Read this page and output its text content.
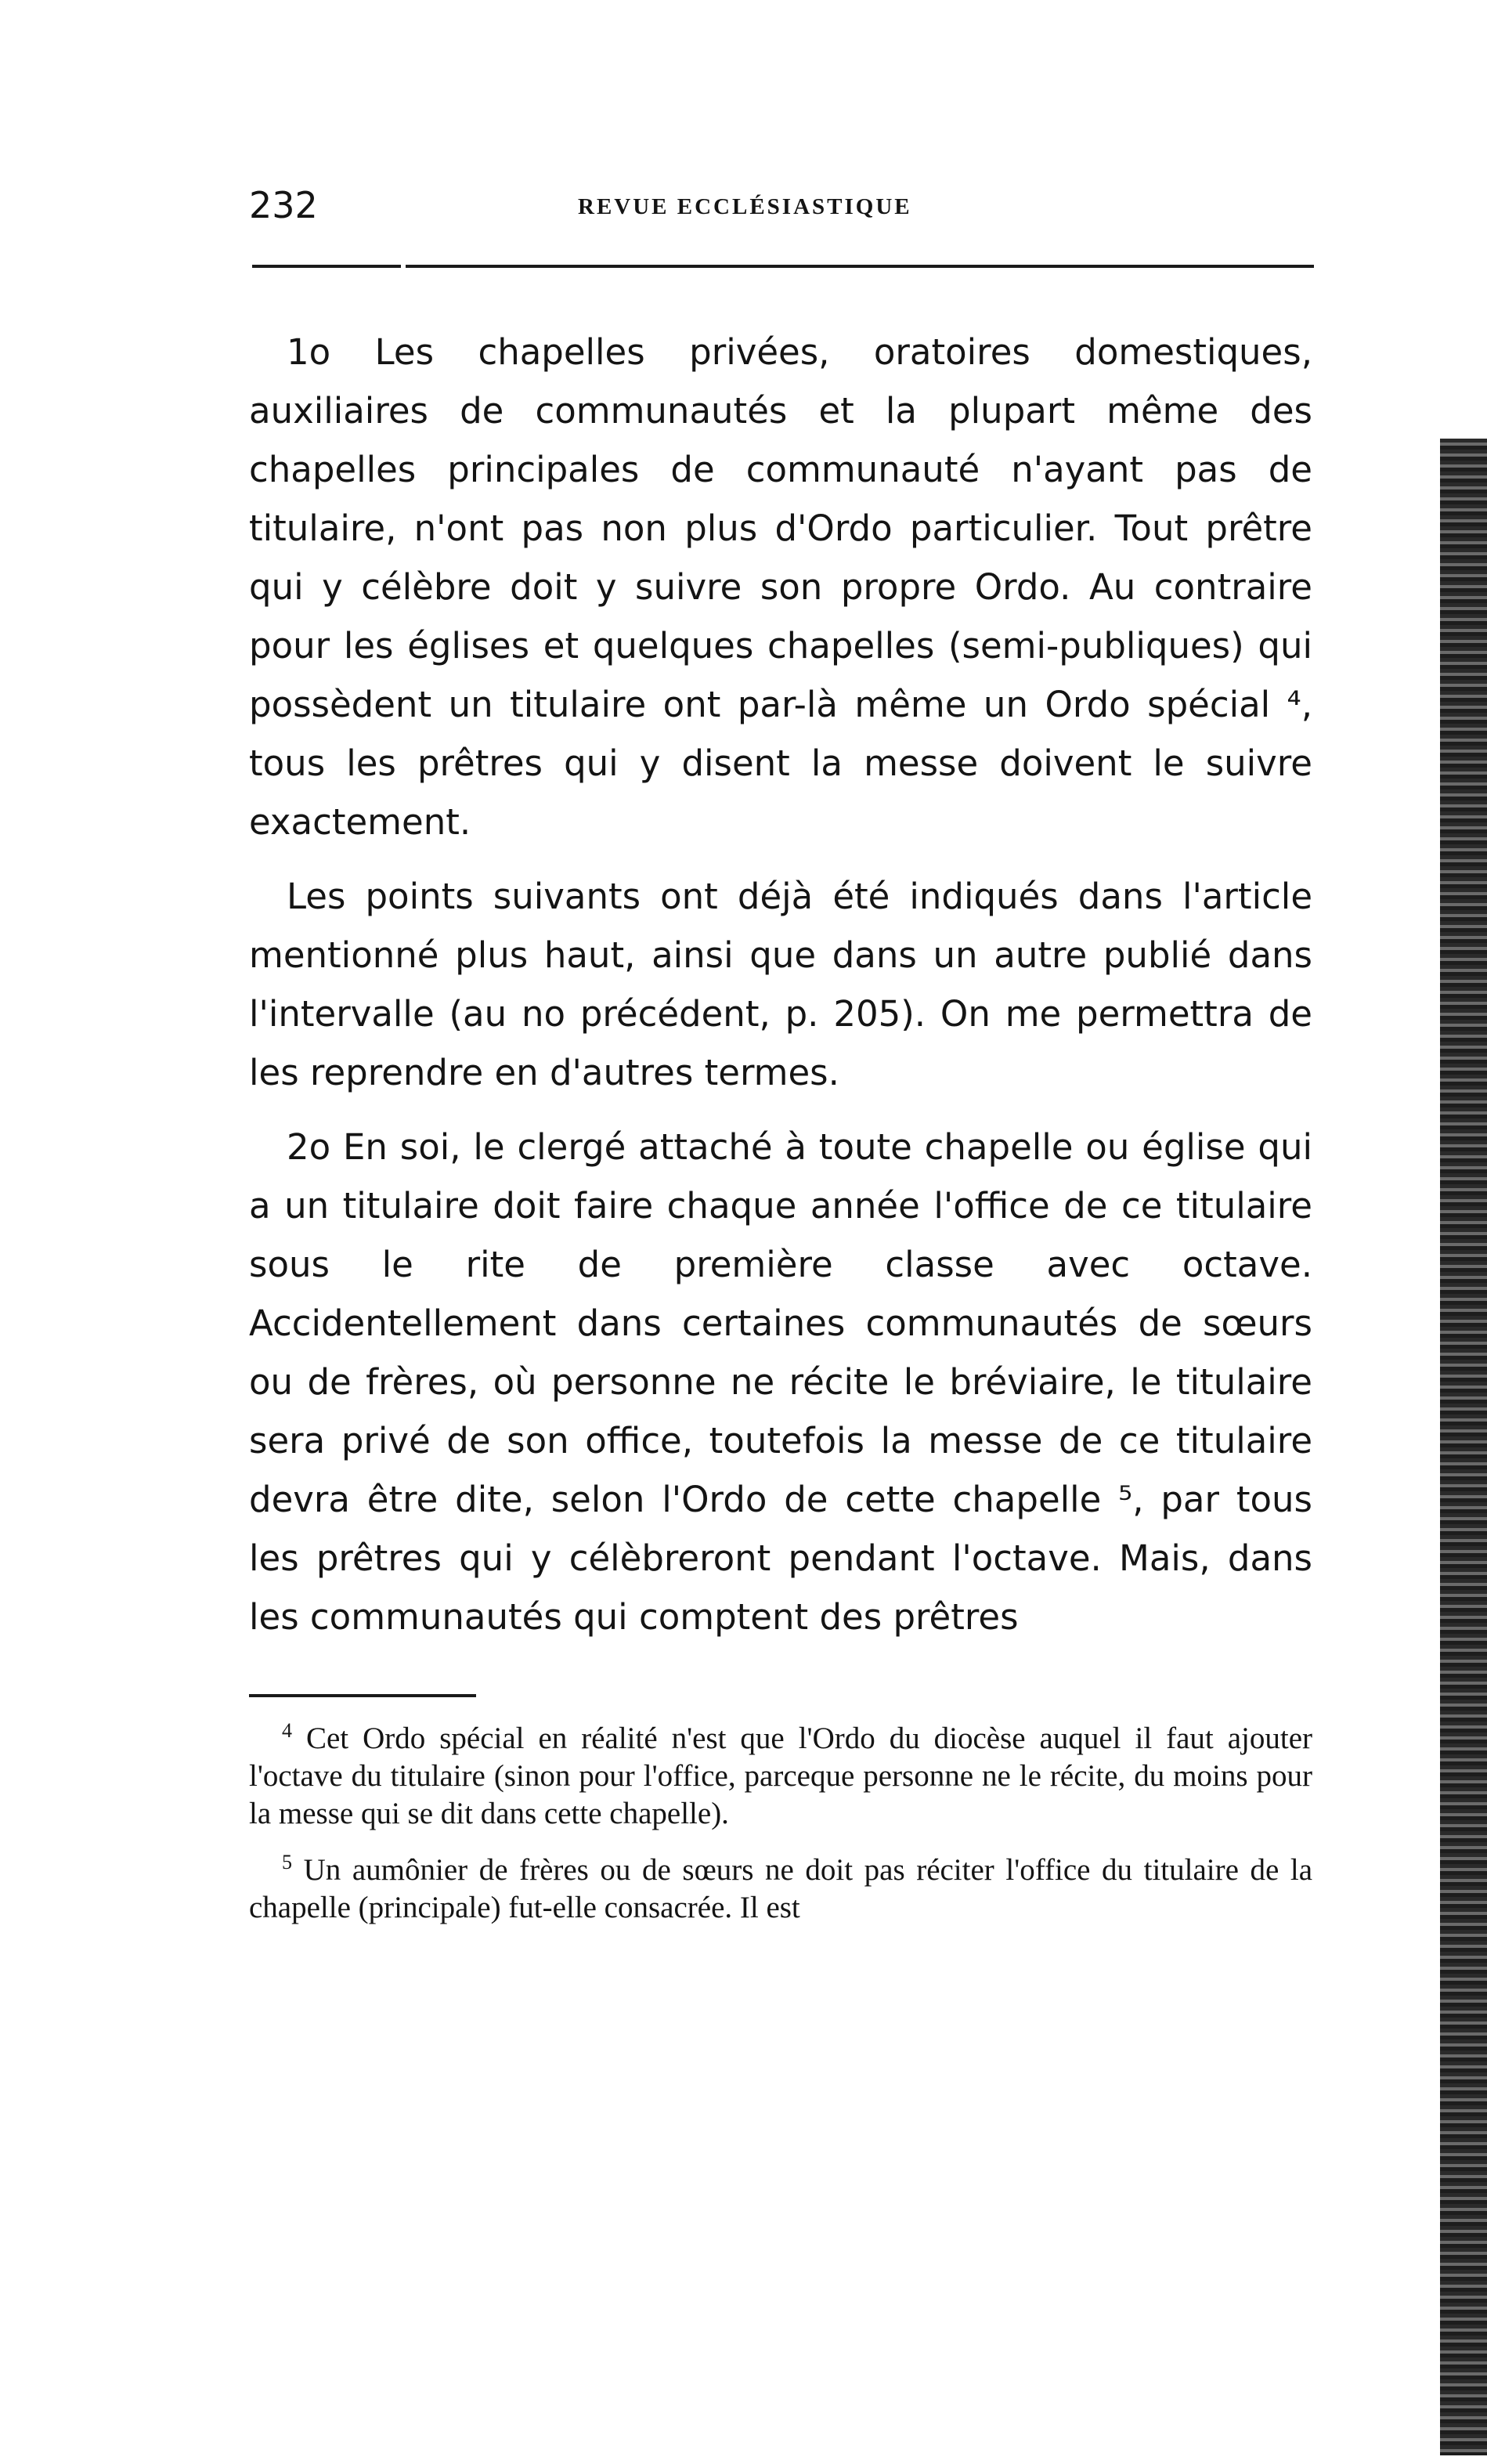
232	REVUE ECCLÉSIASTIQUE

1o Les chapelles privées, oratoires domestiques, auxiliaires de communautés et la plupart même des chapelles principales de communauté n'ayant pas de titulaire, n'ont pas non plus d'Ordo particulier. Tout prêtre qui y célèbre doit y suivre son propre Ordo. Au contraire pour les églises et quelques chapelles (semi-publiques) qui possèdent un titulaire ont par-là même un Ordo spécial ⁴, tous les prêtres qui y disent la messe doivent le suivre exactement.

Les points suivants ont déjà été indiqués dans l'article mentionné plus haut, ainsi que dans un autre publié dans l'intervalle (au no précédent, p. 205). On me permettra de les reprendre en d'autres termes.

2o En soi, le clergé attaché à toute chapelle ou église qui a un titulaire doit faire chaque année l'office de ce titulaire sous le rite de première classe avec octave. Accidentellement dans certaines communautés de sœurs ou de frères, où personne ne récite le bréviaire, le titulaire sera privé de son office, toutefois la messe de ce titulaire devra être dite, selon l'Ordo de cette chapelle ⁵, par tous les prêtres qui y célèbreront pendant l'octave. Mais, dans les communautés qui comptent des prêtres

$^4$ Cet Ordo spécial en réalité n'est que l'Ordo du diocèse auquel il faut ajouter l'octave du titulaire (sinon pour l'office, parceque personne ne le récite, du moins pour la messe qui se dit dans cette chapelle).

$^5$ Un aumônier de frères ou de sœurs ne doit pas réciter l'office du titulaire de la chapelle (principale) fut-elle consacrée. Il est
